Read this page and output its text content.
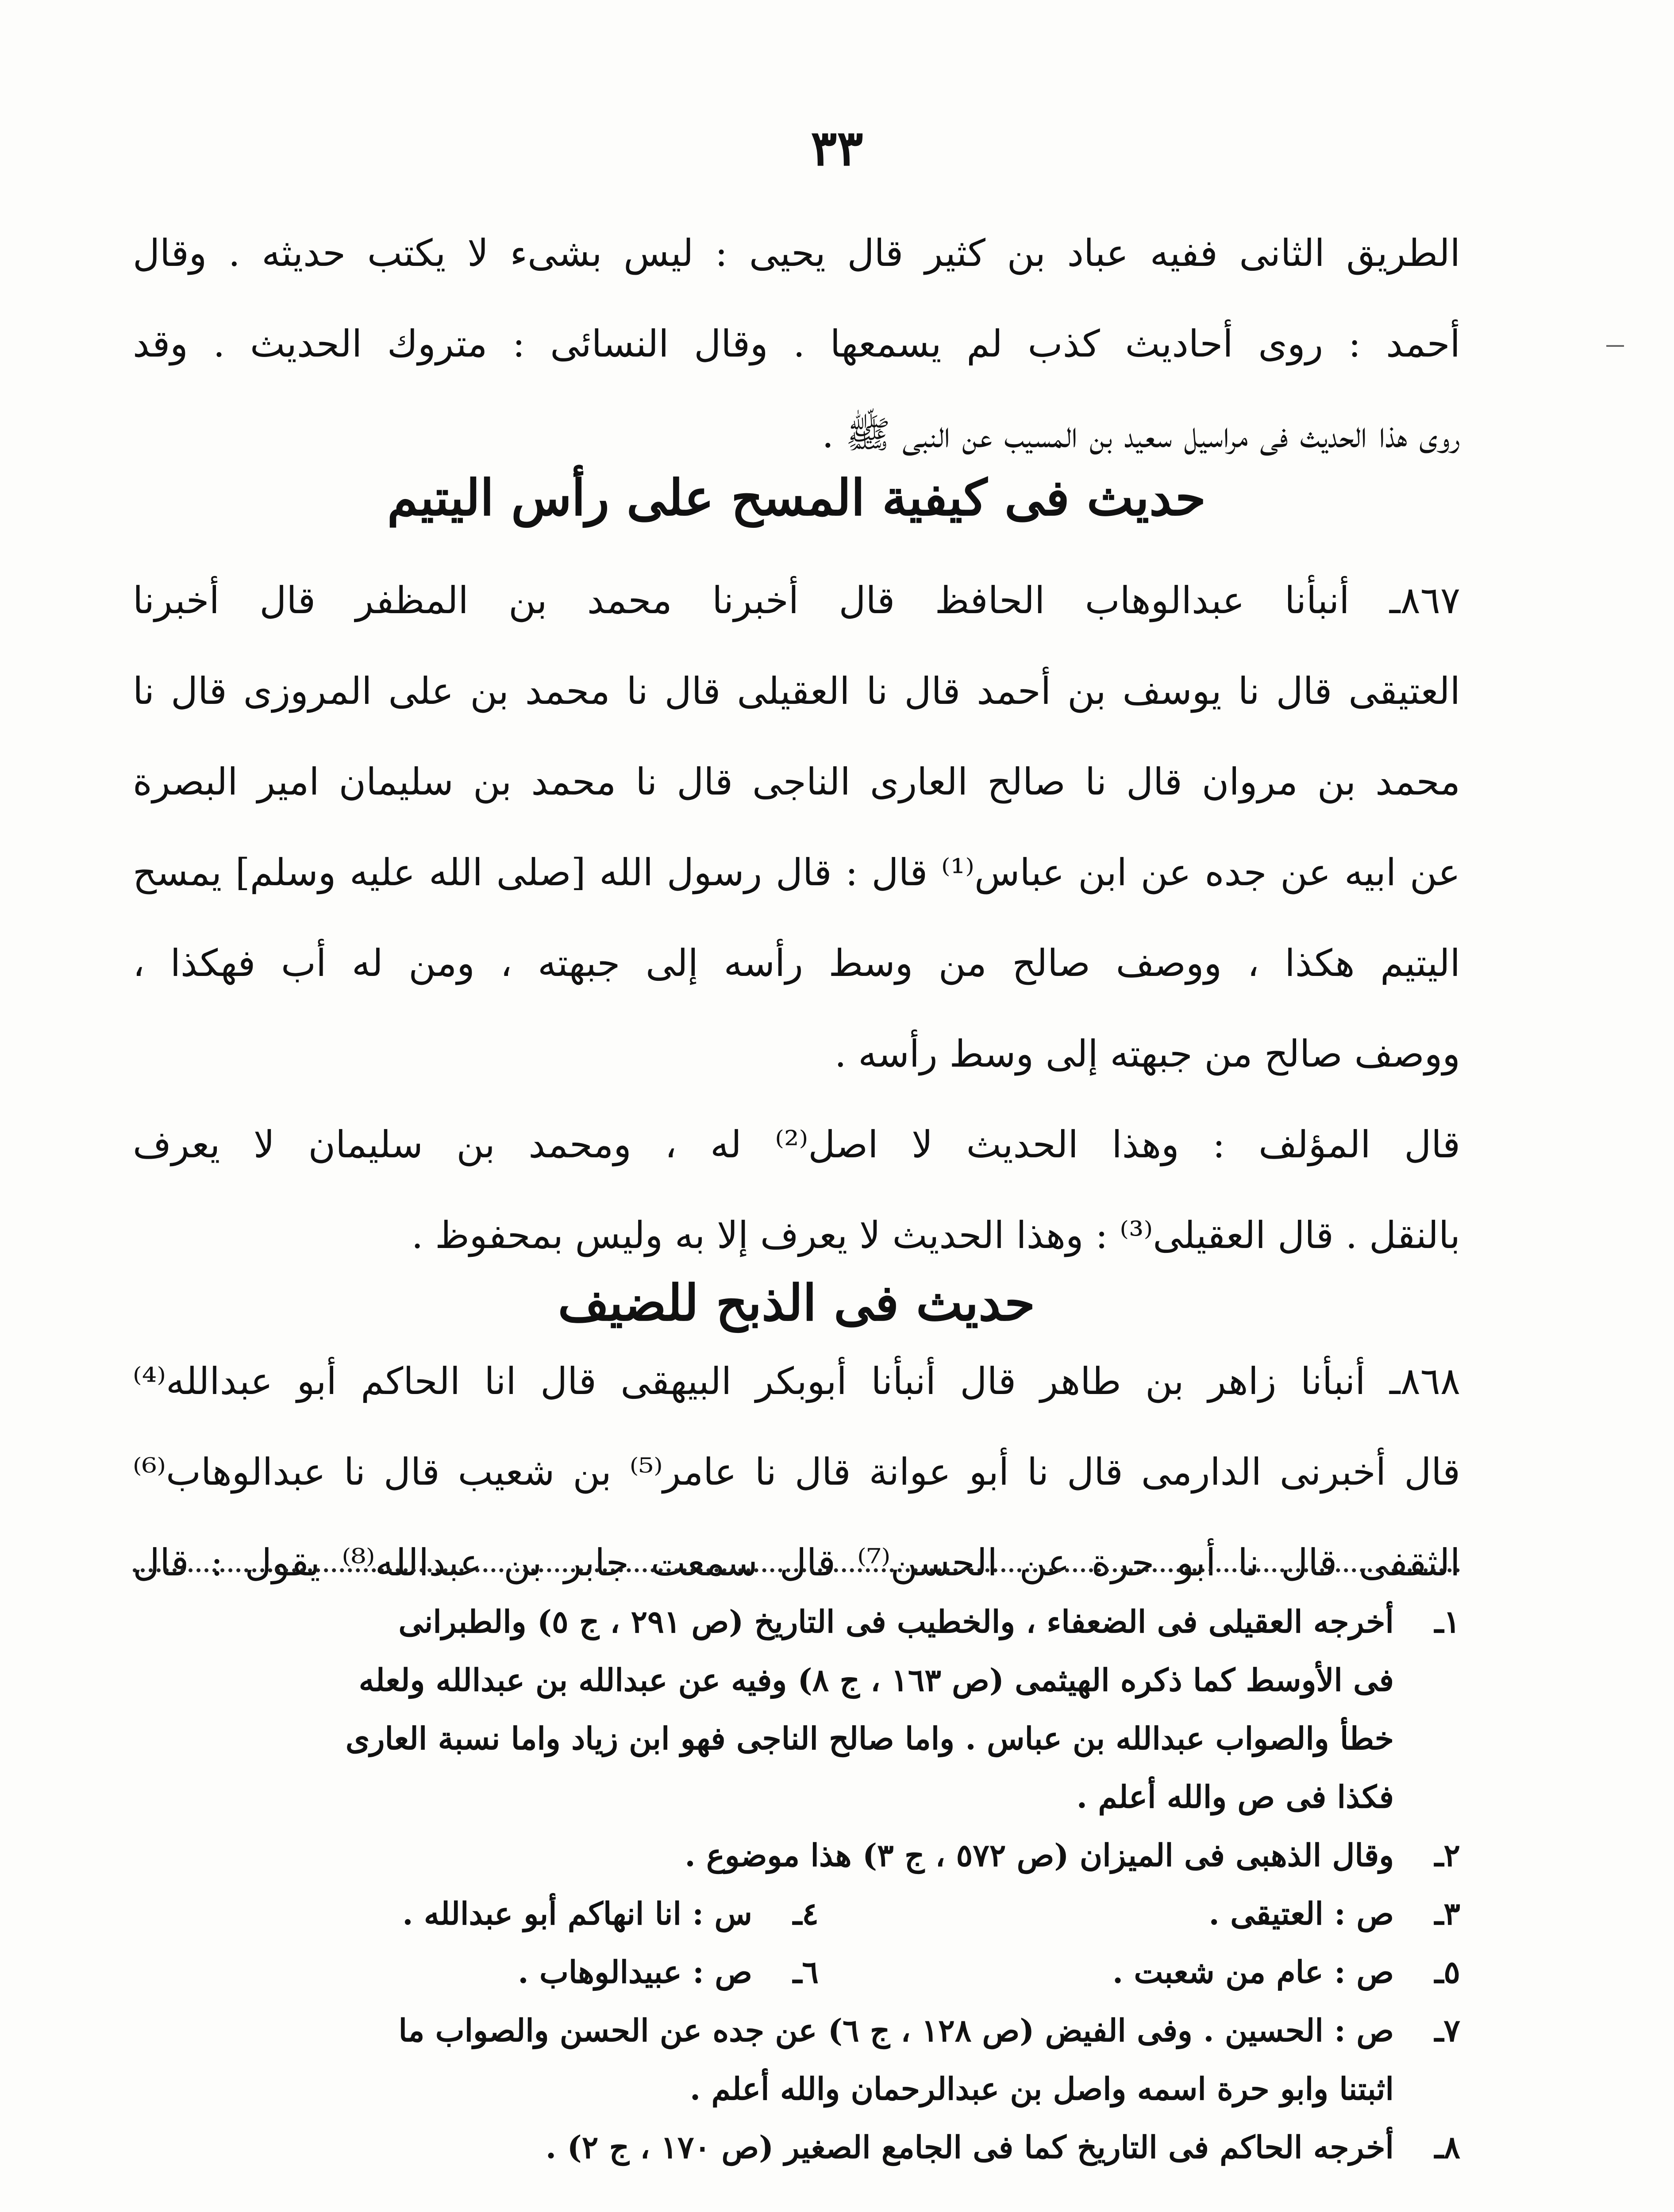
٣٣
الطريق الثانى ففيه عباد بن كثير قال يحيى : ليس بشىء لا يكتب حديثه . وقال
أحمد : روى أحاديث كذب لم يسمعها . وقال النسائى : متروك الحديث . وقد
روى هذا الحديث فى مراسيل سعيد بن المسيب عن النبى ﷺ .
حديث فى كيفية المسح على رأس اليتيم
٨٦٧ـ أنبأنا عبدالوهاب الحافظ قال أخبرنا محمد بن المظفر قال أخبرنا
العتيقى قال نا يوسف بن أحمد قال نا العقيلى قال نا محمد بن على المروزى قال نا
محمد بن مروان قال نا صالح العارى الناجى قال نا محمد بن سليمان امير البصرة
عن ابيه عن جده عن ابن عباس⁽¹⁾ قال : قال رسول الله [صلى الله عليه وسلم] يمسح
اليتيم هكذا ، ووصف صالح من وسط رأسه إلى جبهته ، ومن له أب فهكذا ،
ووصف صالح من جبهته إلى وسط رأسه .
قال المؤلف : وهذا الحديث لا اصل⁽²⁾ له ، ومحمد بن سليمان لا يعرف
بالنقل . قال العقيلى⁽³⁾ : وهذا الحديث لا يعرف إلا به وليس بمحفوظ .
حديث فى الذبح للضيف
٨٦٨ـ أنبأنا زاهر بن طاهر قال أنبأنا أبوبكر البيهقى قال انا الحاكم أبو عبدالله⁽⁴⁾
قال أخبرنى الدارمى قال نا أبو عوانة قال نا عامر⁽⁵⁾ بن شعيب قال نا عبدالوهاب⁽⁶⁾
الثقفى قال نا أبو حرة عن الحسن⁽⁷⁾ قال سمعت جابر بن عبدالله⁽⁸⁾ يقول : قال
١ـ
أخرجه العقيلى فى الضعفاء ، والخطيب فى التاريخ (ص ٢٩١ ، ج ٥) والطبرانى
فى الأوسط كما ذكره الهيثمى (ص ١٦٣ ، ج ٨) وفيه عن عبدالله بن عبدالله ولعله
خطأ والصواب عبدالله بن عباس . واما صالح الناجى فهو ابن زياد واما نسبة العارى
فكذا فى ص والله أعلم .
٢ـ
وقال الذهبى فى الميزان (ص ٥٧٢ ، ج ٣) هذا موضوع .
٣ـ
ص : العتيقى .
٤ـ
س : انا انهاكم أبو عبدالله .
٥ـ
ص : عام من شعبت .
٦ـ
ص : عبيدالوهاب .
٧ـ
ص : الحسين . وفى الفيض (ص ١٢٨ ، ج ٦) عن جده عن الحسن والصواب ما
اثبتنا وابو حرة اسمه واصل بن عبدالرحمان والله أعلم .
٨ـ
أخرجه الحاكم فى التاريخ كما فى الجامع الصغير (ص ١٧٠ ، ج ٢) .
